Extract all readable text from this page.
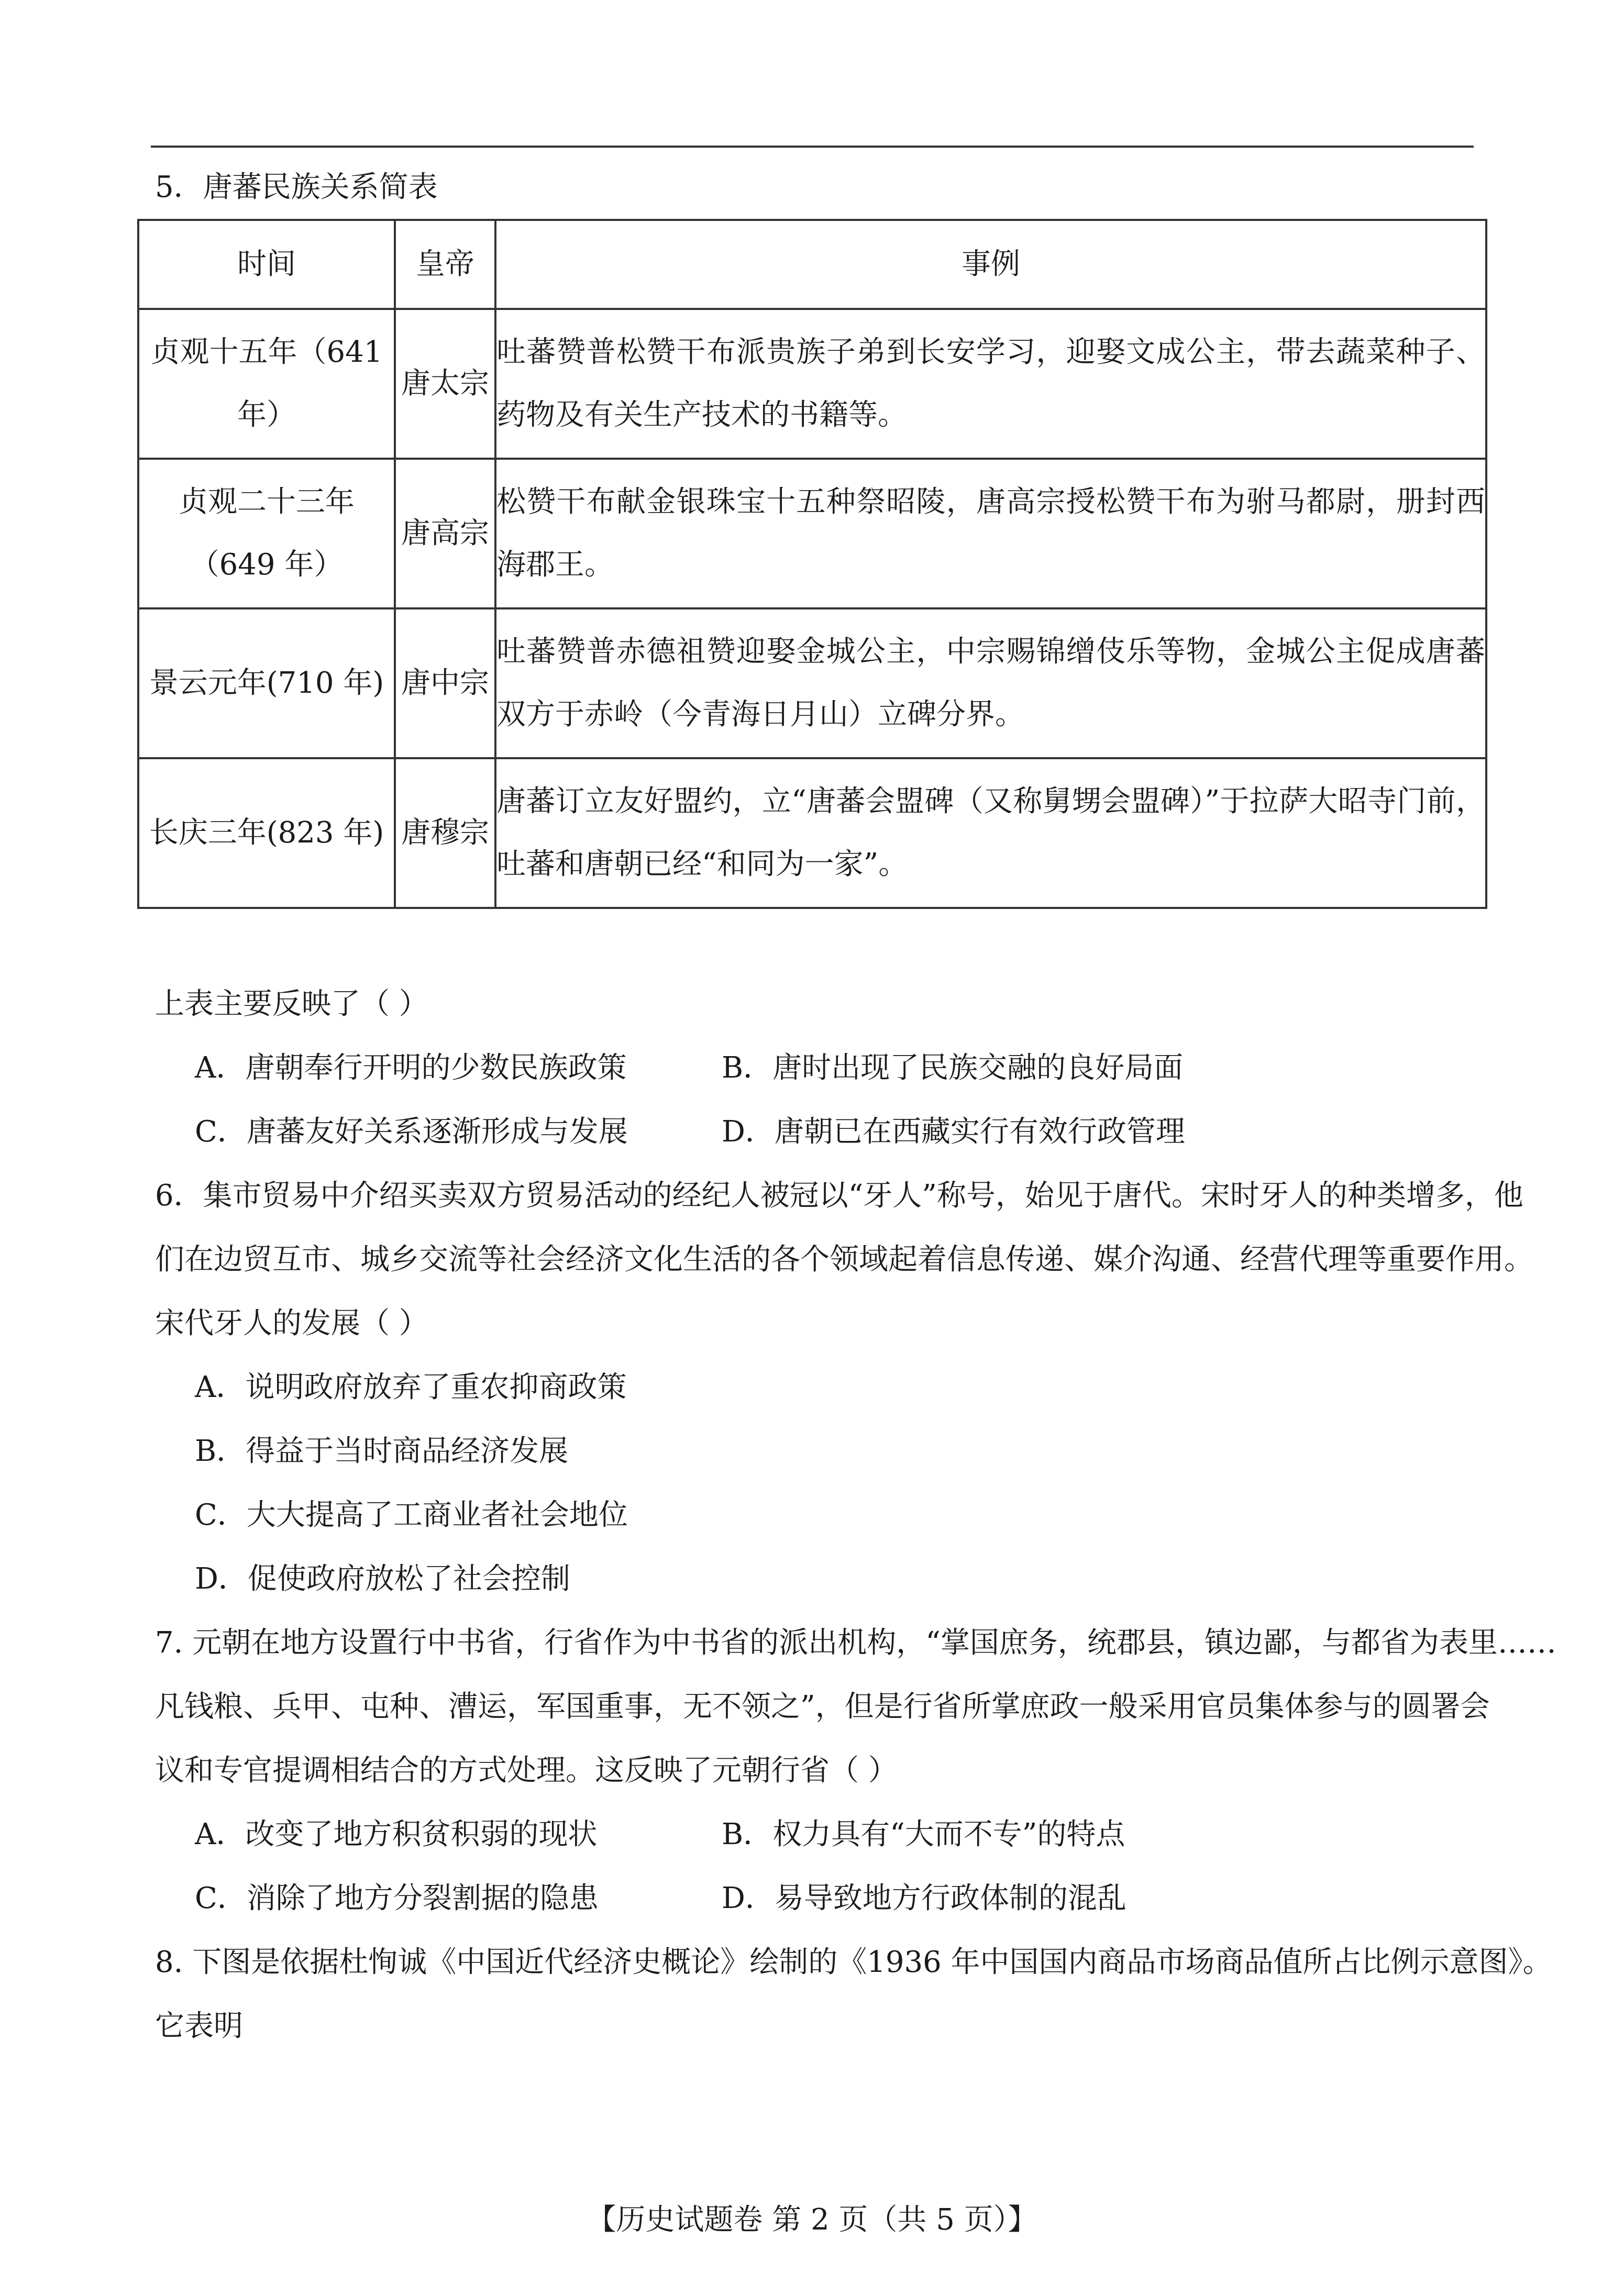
5．唐蕃民族关系简表
时间	皇帝	事例
贞观十五年（641年）	唐太宗	吐蕃赞普松赞干布派贵族子弟到长安学习，迎娶文成公主，带去蔬菜种子、药物及有关生产技术的书籍等。
贞观二十三年（649 年）	唐高宗	松赞干布献金银珠宝十五种祭昭陵，唐高宗授松赞干布为驸马都尉，册封西海郡王。
景云元年(710 年)	唐中宗	吐蕃赞普赤德祖赞迎娶金城公主，中宗赐锦缯伎乐等物，金城公主促成唐蕃双方于赤岭（今青海日月山）立碑分界。
长庆三年(823 年)	唐穆宗	唐蕃订立友好盟约，立“唐蕃会盟碑（又称舅甥会盟碑）”于拉萨大昭寺门前，吐蕃和唐朝已经“和同为一家”。
上表主要反映了（ ）
A．唐朝奉行开明的少数民族政策	B．唐时出现了民族交融的良好局面
C．唐蕃友好关系逐渐形成与发展	D．唐朝已在西藏实行有效行政管理
6．集市贸易中介绍买卖双方贸易活动的经纪人被冠以“牙人”称号，始见于唐代。宋时牙人的种类增多，他
们在边贸互市、城乡交流等社会经济文化生活的各个领域起着信息传递、媒介沟通、经营代理等重要作用。
宋代牙人的发展（ ）
A．说明政府放弃了重农抑商政策
B．得益于当时商品经济发展
C．大大提高了工商业者社会地位
D．促使政府放松了社会控制
7. 元朝在地方设置行中书省，行省作为中书省的派出机构，“掌国庶务，统郡县，镇边鄙，与都省为表里……
凡钱粮、兵甲、屯种、漕运，军国重事，无不领之”，但是行省所掌庶政一般采用官员集体参与的圆署会
议和专官提调相结合的方式处理。这反映了元朝行省（ ）
A．改变了地方积贫积弱的现状	B．权力具有“大而不专”的特点
C．消除了地方分裂割据的隐患	D．易导致地方行政体制的混乱
8. 下图是依据杜恂诚《中国近代经济史概论》绘制的《1936 年中国国内商品市场商品值所占比例示意图》。
它表明
【历史试题卷 第 2 页（共 5 页）】
